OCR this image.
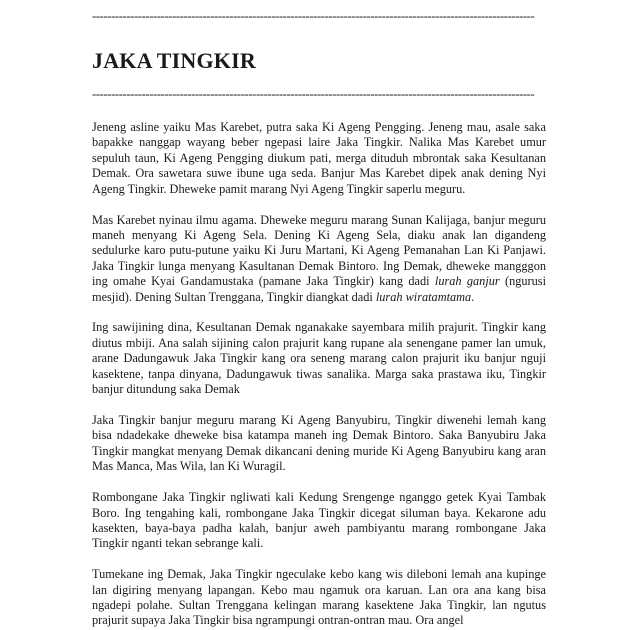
--------------------------------------------------------------------------------------------------------------------

JAKA TINGKIR

--------------------------------------------------------------------------------------------------------------------

Jeneng asline yaiku Mas Karebet, putra saka Ki Ageng Pengging. Jeneng mau, asale saka bapakke nanggap wayang beber ngepasi laire Jaka Tingkir. Nalika Mas Karebet umur sepuluh taun, Ki Ageng Pengging diukum pati, merga dituduh mbrontak saka Kesultanan Demak. Ora sawetara suwe ibune uga seda. Banjur Mas Karebet dipek anak dening Nyi Ageng Tingkir. Dheweke pamit marang Nyi Ageng Tingkir saperlu meguru.

Mas Karebet nyinau ilmu agama. Dheweke meguru marang Sunan Kalijaga, banjur meguru maneh menyang Ki Ageng Sela. Dening Ki Ageng Sela, diaku anak lan digandeng sedulurke karo putu-putune yaiku Ki Juru Martani, Ki Ageng Pemanahan Lan Ki Panjawi. Jaka Tingkir lunga menyang Kasultanan Demak Bintoro. Ing Demak, dheweke mangggon ing omahe Kyai Gandamustaka (pamane Jaka Tingkir) kang dadi lurah ganjur (ngurusi mesjid). Dening Sultan Trenggana, Tingkir diangkat dadi lurah wiratamtama.

Ing sawijining dina, Kesultanan Demak nganakake sayembara milih prajurit. Tingkir kang diutus mbiji. Ana salah sijining calon prajurit kang rupane ala senengane pamer lan umuk, arane Dadungawuk Jaka Tingkir kang ora seneng marang calon prajurit iku banjur nguji kasektene, tanpa dinyana, Dadungawuk tiwas sanalika. Marga saka prastawa iku, Tingkir banjur ditundung saka Demak

Jaka Tingkir banjur meguru marang Ki Ageng Banyubiru, Tingkir diwenehi lemah kang bisa ndadekake dheweke bisa katampa maneh ing Demak Bintoro. Saka Banyubiru Jaka Tingkir mangkat menyang Demak dikancani dening muride Ki Ageng Banyubiru kang aran Mas Manca, Mas Wila, lan Ki Wuragil.

Rombongane Jaka Tingkir ngliwati kali Kedung Srengenge nganggo getek Kyai Tambak Boro. Ing tengahing kali, rombongane Jaka Tingkir dicegat siluman baya. Kekarone adu kasekten, baya-baya padha kalah, banjur aweh pambiyantu marang rombongane Jaka Tingkir nganti tekan sebrange kali.

Tumekane ing Demak, Jaka Tingkir ngeculake kebo kang wis dileboni lemah ana kupinge lan digiring menyang lapangan. Kebo mau ngamuk ora karuan. Lan ora ana kang bisa ngadepi polahe. Sultan Trenggana kelingan marang kasektene Jaka Tingkir, lan ngutus prajurit supaya Jaka Tingkir bisa ngrampungi ontran-ontran mau. Ora angel
